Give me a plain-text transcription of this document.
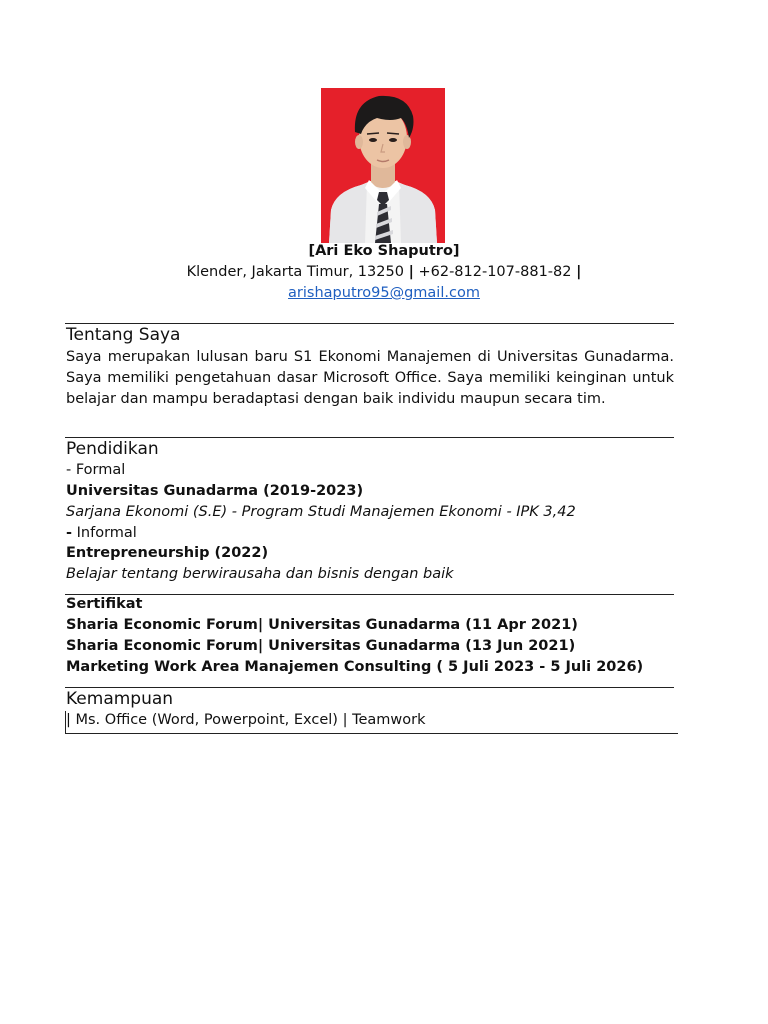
[Ari Eko Shaputro]
Klender, Jakarta Timur, 13250 | +62-812-107-881-82 |
arishaputro95@gmail.com
Tentang Saya
Saya merupakan lulusan baru S1 Ekonomi Manajemen di Universitas Gunadarma. Saya memiliki pengetahuan dasar Microsoft Office. Saya memiliki keinginan untuk belajar dan mampu beradaptasi dengan baik individu maupun secara tim.
Pendidikan
- Formal
Universitas Gunadarma (2019-2023)
Sarjana Ekonomi (S.E) - Program Studi Manajemen Ekonomi - IPK 3,42
- Informal
Entrepreneurship (2022)
Belajar tentang berwirausaha dan bisnis dengan baik
Sertifikat
Sharia Economic Forum| Universitas Gunadarma (11 Apr 2021)
Sharia Economic Forum| Universitas Gunadarma (13 Jun 2021)
Marketing Work Area Manajemen Consulting ( 5 Juli 2023 - 5 Juli 2026)
Kemampuan
| Ms. Office (Word, Powerpoint, Excel) | Teamwork
